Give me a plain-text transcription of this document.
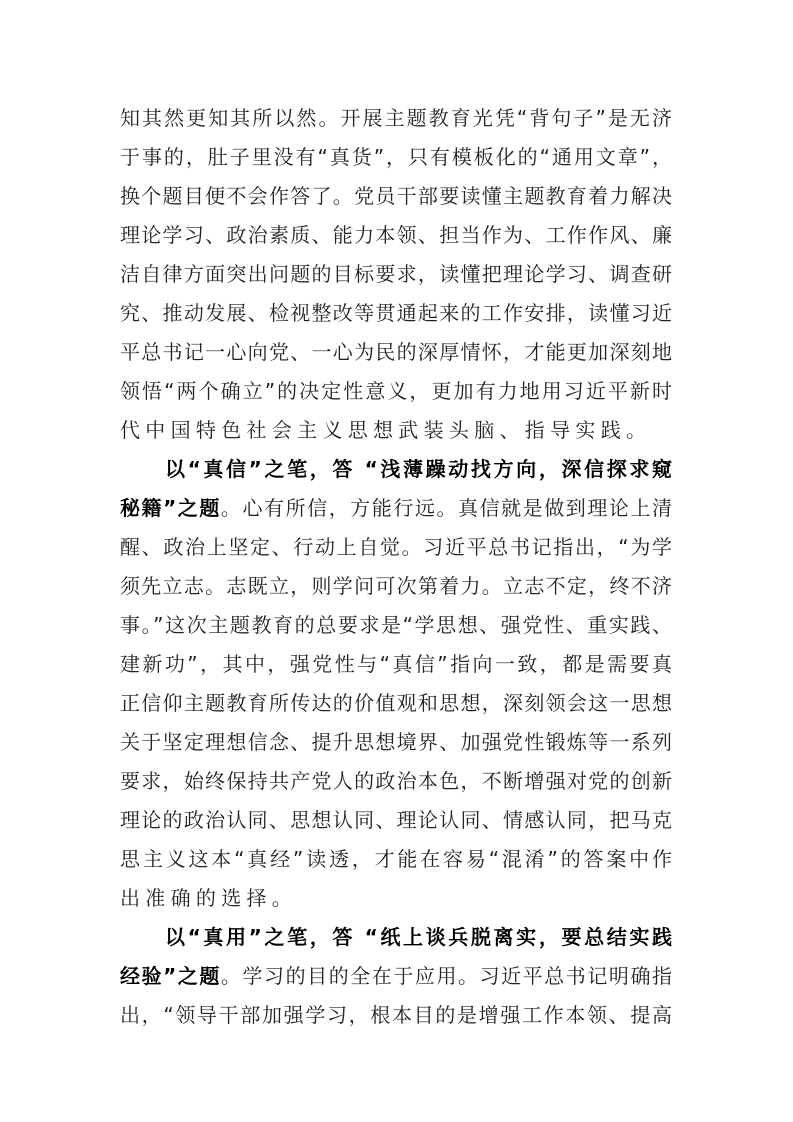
知其然更知其所以然。开展主题教育光凭“背句子”是无济
于事的，肚子里没有“真货”，只有模板化的“通用文章”，
换个题目便不会作答了。党员干部要读懂主题教育着力解决
理论学习、政治素质、能力本领、担当作为、工作作风、廉
洁自律方面突出问题的目标要求，读懂把理论学习、调查研
究、推动发展、检视整改等贯通起来的工作安排，读懂习近
平总书记一心向党、一心为民的深厚情怀，才能更加深刻地
领悟“两个确立”的决定性意义，更加有力地用习近平新时
代中国特色社会主义思想武装头脑、指导实践。
以“真信”之笔，答 “浅薄躁动找方向，深信探求窥
秘籍”之题。心有所信，方能行远。真信就是做到理论上清
醒、政治上坚定、行动上自觉。习近平总书记指出，“为学
须先立志。志既立，则学问可次第着力。立志不定，终不济
事。”这次主题教育的总要求是“学思想、强党性、重实践、
建新功”，其中，强党性与“真信”指向一致，都是需要真
正信仰主题教育所传达的价值观和思想，深刻领会这一思想
关于坚定理想信念、提升思想境界、加强党性锻炼等一系列
要求，始终保持共产党人的政治本色，不断增强对党的创新
理论的政治认同、思想认同、理论认同、情感认同，把马克
思主义这本“真经”读透，才能在容易“混淆”的答案中作
出准确的选择。
以“真用”之笔，答 “纸上谈兵脱离实，要总结实践
经验”之题。学习的目的全在于应用。习近平总书记明确指
出，“领导干部加强学习，根本目的是增强工作本领、提高
